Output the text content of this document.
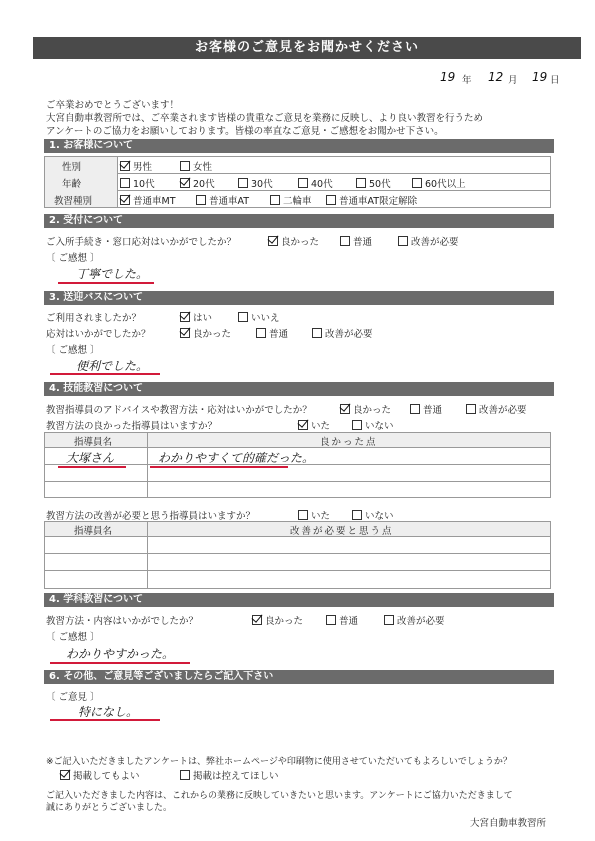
お客様のご意見をお聞かせください
19 年 12 月 19 日
ご卒業おめでとうございます！
大宮自動車教習所では、ご卒業されます皆様の貴重なご意見を業務に反映し、より良い教習を行うため
アンケートのご協力をお願いしております。皆様の率直なご意見・ご感想をお聞かせ下さい。
1. お客様について
性別	男性	女性
年齢	10代	20代	30代	40代	50代	60代以上
教習種別	普通車MT	普通車AT	二輪車	普通車AT限定解除
2. 受付について
ご入所手続き・窓口応対はいかがでしたか？	良かった	普通	改善が必要
〔 ご感想 〕
丁寧でした。
3. 送迎バスについて
ご利用されましたか？	はい	いいえ
応対はいかがでしたか？	良かった	普通	改善が必要
〔 ご感想 〕
便利でした。
4. 技能教習について
教習指導員のアドバイスや教習方法・応対はいかがでしたか？	良かった	普通	改善が必要
教習方法の良かった指導員はいますか？	いた	いない
指導員名	良かった点
大塚さん	わかりやすくて的確だった。
教習方法の改善が必要と思う指導員はいますか？	いた	いない
指導員名	改善が必要と思う点
4. 学科教習について
教習方法・内容はいかがでしたか？	良かった	普通	改善が必要
〔 ご感想 〕
わかりやすかった。
6. その他、ご意見等ございましたらご記入下さい
〔 ご意見 〕
特になし。
※ご記入いただきましたアンケートは、弊社ホームページや印刷物に使用させていただいてもよろしいでしょうか？
掲載してもよい	掲載は控えてほしい
ご記入いただきました内容は、これからの業務に反映していきたいと思います。アンケートにご協力いただきまして
誠にありがとうございました。
大宮自動車教習所
